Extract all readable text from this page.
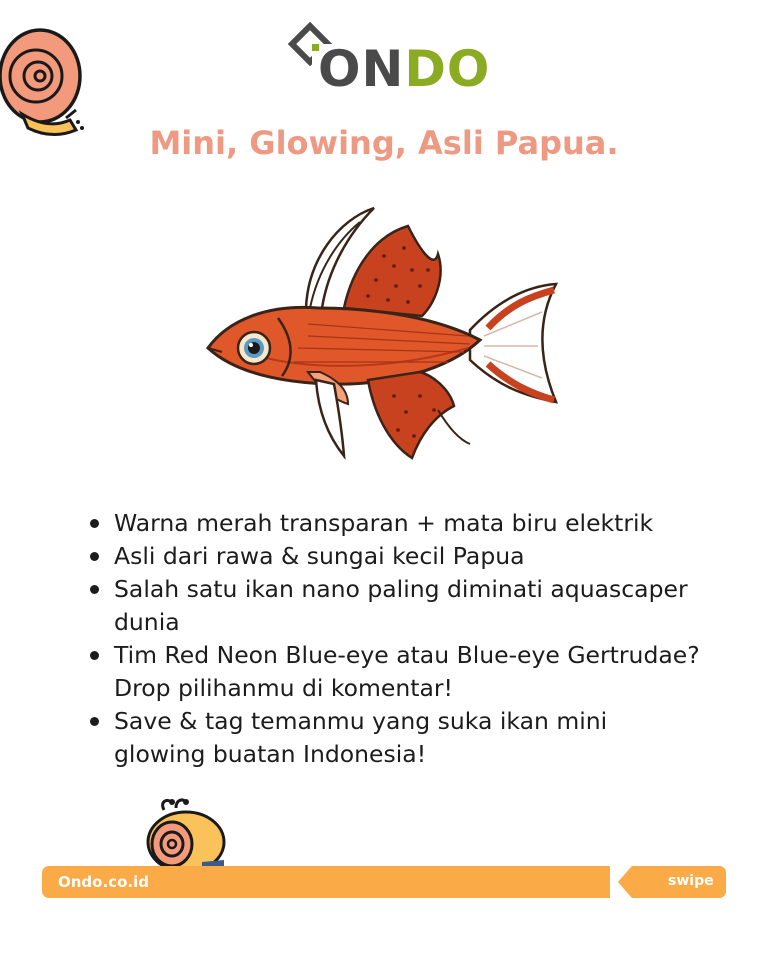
ONDO
Mini, Glowing, Asli Papua.
Warna merah transparan + mata biru elektrik
Asli dari rawa & sungai kecil Papua
Salah satu ikan nano paling diminati aquascaper dunia
Tim Red Neon Blue-eye atau Blue-eye Gertrudae? Drop pilihanmu di komentar!
Save & tag temanmu yang suka ikan mini glowing buatan Indonesia!
Ondo.co.id	swipe
